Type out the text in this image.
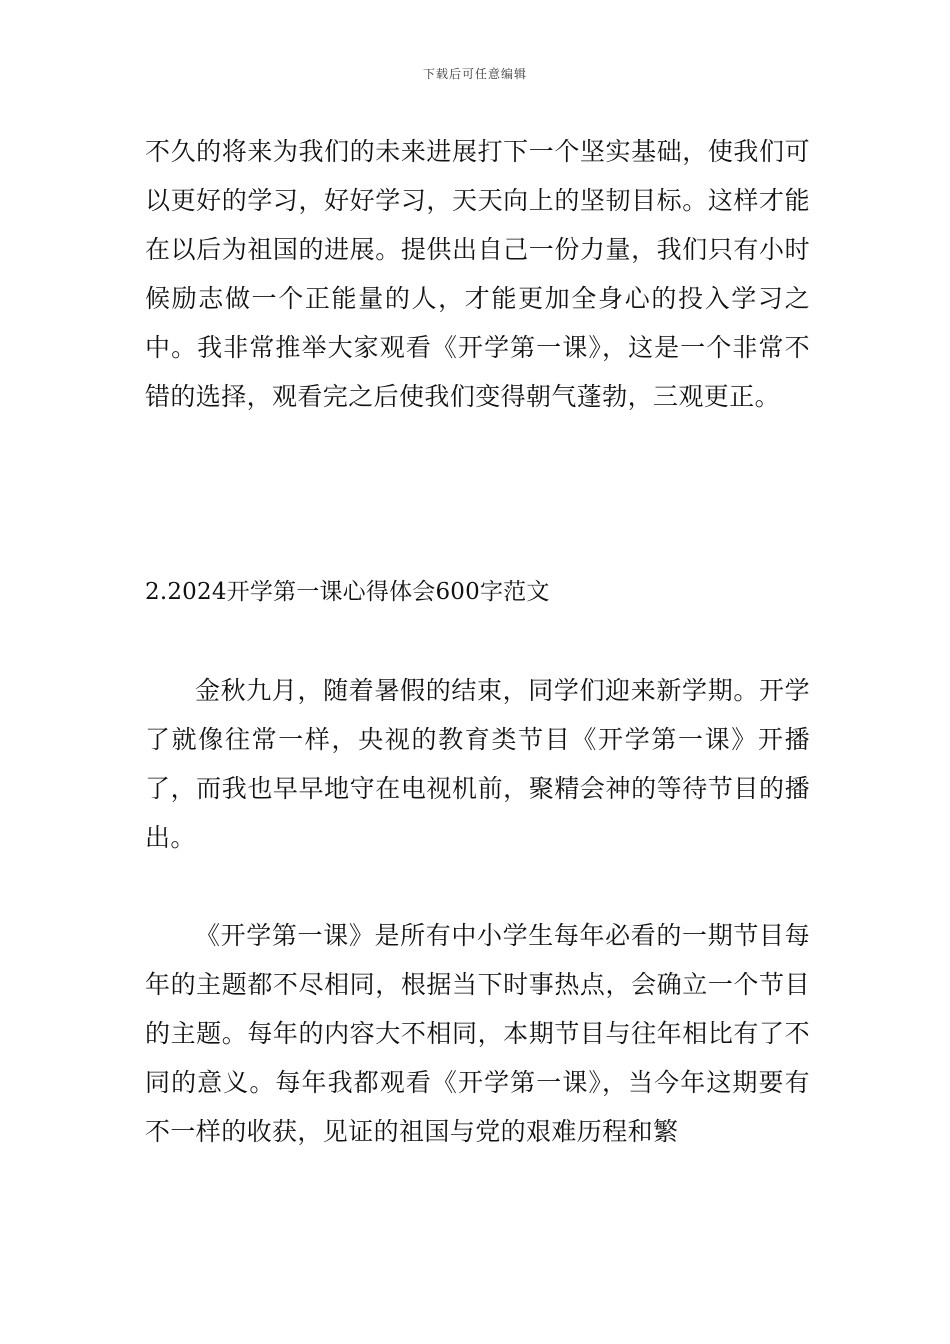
下载后可任意编辑

不久的将来为我们的未来进展打下一个坚实基础，使我们可以更好的学习，好好学习，天天向上的坚韧目标。这样才能在以后为祖国的进展。提供出自己一份力量，我们只有小时候励志做一个正能量的人，才能更加全身心的投入学习之中。我非常推举大家观看《开学第一课》，这是一个非常不错的选择，观看完之后使我们变得朝气蓬勃，三观更正。

2.2024开学第一课心得体会600字范文

金秋九月，随着暑假的结束，同学们迎来新学期。开学了就像往常一样，央视的教育类节目《开学第一课》开播了，而我也早早地守在电视机前，聚精会神的等待节目的播出。

《开学第一课》是所有中小学生每年必看的一期节目每年的主题都不尽相同，根据当下时事热点，会确立一个节目的主题。每年的内容大不相同，本期节目与往年相比有了不同的意义。每年我都观看《开学第一课》，当今年这期要有不一样的收获，见证的祖国与党的艰难历程和繁
